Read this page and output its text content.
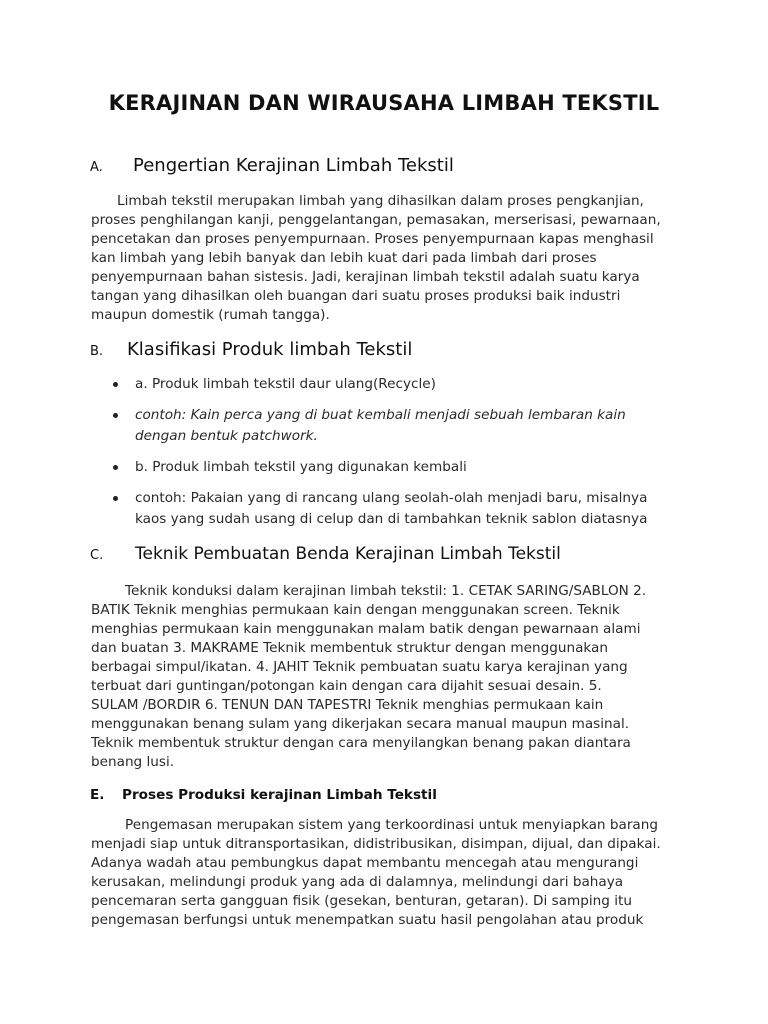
KERAJINAN DAN WIRAUSAHA LIMBAH TEKSTIL
A. Pengertian Kerajinan Limbah Tekstil

Limbah tekstil merupakan limbah yang dihasilkan dalam proses pengkanjian,
proses penghilangan kanji, penggelantangan, pemasakan, merserisasi, pewarnaan,
pencetakan dan proses penyempurnaan. Proses penyempurnaan kapas menghasil
kan limbah yang lebih banyak dan lebih kuat dari pada limbah dari proses
penyempurnaan bahan sistesis. Jadi, kerajinan limbah tekstil adalah suatu karya
tangan yang dihasilkan oleh buangan dari suatu proses produksi baik industri
maupun domestik (rumah tangga).

B. Klasifikasi Produk limbah Tekstil
a. Produk limbah tekstil daur ulang(Recycle)
contoh: Kain perca yang di buat kembali menjadi sebuah lembaran kain
dengan bentuk patchwork.
b. Produk limbah tekstil yang digunakan kembali
contoh: Pakaian yang di rancang ulang seolah-olah menjadi baru, misalnya
kaos yang sudah usang di celup dan di tambahkan teknik sablon diatasnya
C. Teknik Pembuatan Benda Kerajinan Limbah Tekstil

Teknik konduksi dalam kerajinan limbah tekstil: 1. CETAK SARING/SABLON 2.
BATIK Teknik menghias permukaan kain dengan menggunakan screen. Teknik
menghias permukaan kain menggunakan malam batik dengan pewarnaan alami
dan buatan 3. MAKRAME Teknik membentuk struktur dengan menggunakan
berbagai simpul/ikatan. 4. JAHIT Teknik pembuatan suatu karya kerajinan yang
terbuat dari guntingan/potongan kain dengan cara dijahit sesuai desain. 5.
SULAM /BORDIR 6. TENUN DAN TAPESTRI Teknik menghias permukaan kain
menggunakan benang sulam yang dikerjakan secara manual maupun masinal.
Teknik membentuk struktur dengan cara menyilangkan benang pakan diantara
benang lusi.

E. Proses Produksi kerajinan Limbah Tekstil

Pengemasan merupakan sistem yang terkoordinasi untuk menyiapkan barang
menjadi siap untuk ditransportasikan, didistribusikan, disimpan, dijual, dan dipakai.
Adanya wadah atau pembungkus dapat membantu mencegah atau mengurangi
kerusakan, melindungi produk yang ada di dalamnya, melindungi dari bahaya
pencemaran serta gangguan fisik (gesekan, benturan, getaran). Di samping itu
pengemasan berfungsi untuk menempatkan suatu hasil pengolahan atau produk
